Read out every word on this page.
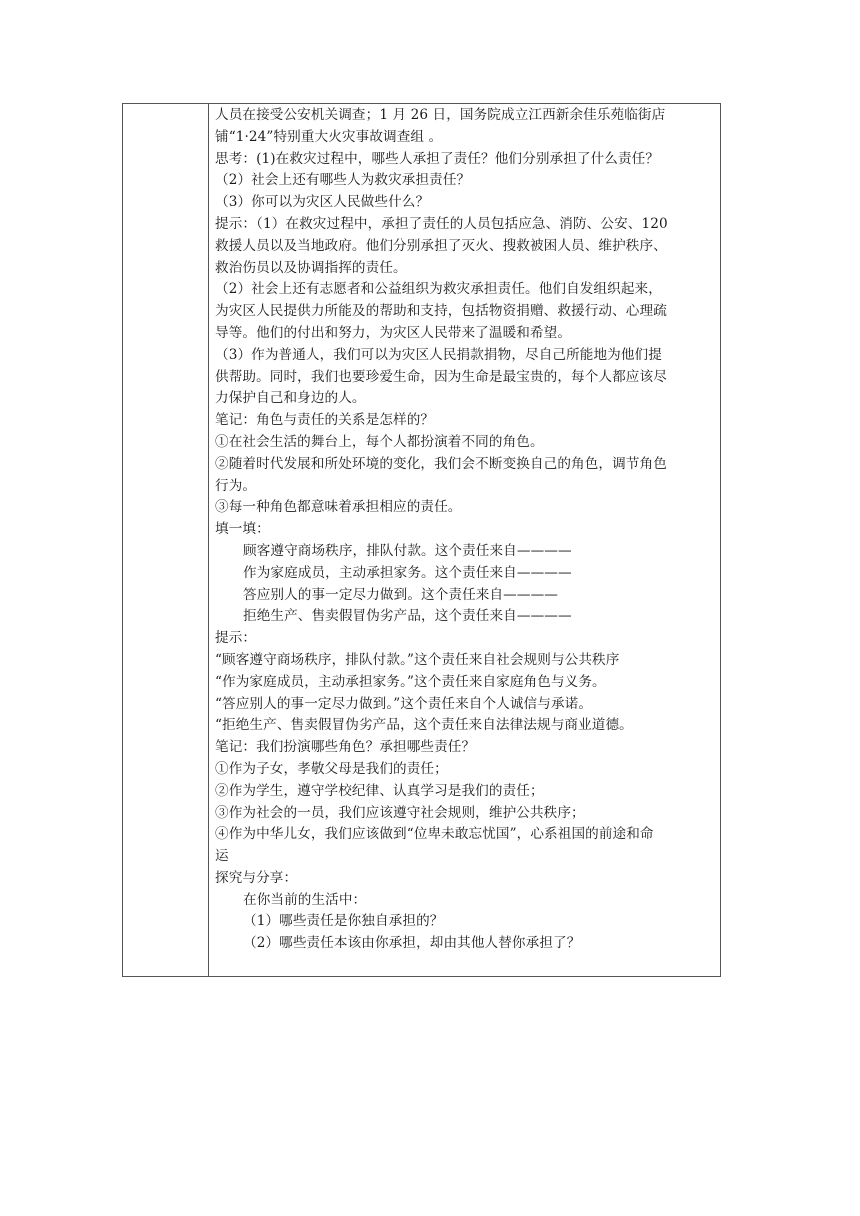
人员在接受公安机关调查；1 月 26 日，国务院成立江西新余佳乐苑临街店
铺“1·24”特别重大火灾事故调查组 。
思考：(1)在救灾过程中，哪些人承担了责任？他们分别承担了什么责任？
（2）社会上还有哪些人为救灾承担责任？
（3）你可以为灾区人民做些什么？
提示：（1）在救灾过程中，承担了责任的人员包括应急、消防、公安、120
救援人员以及当地政府。他们分别承担了灭火、搜救被困人员、维护秩序、
救治伤员以及协调指挥的责任。
（2）社会上还有志愿者和公益组织为救灾承担责任。他们自发组织起来，
为灾区人民提供力所能及的帮助和支持，包括物资捐赠、救援行动、心理疏
导等。他们的付出和努力，为灾区人民带来了温暖和希望。
（3）作为普通人，我们可以为灾区人民捐款捐物，尽自己所能地为他们提
供帮助。同时，我们也要珍爱生命，因为生命是最宝贵的，每个人都应该尽
力保护自己和身边的人。
笔记：角色与责任的关系是怎样的？
①在社会生活的舞台上，每个人都扮演着不同的角色。
②随着时代发展和所处环境的变化，我们会不断变换自己的角色，调节角色
行为。
③每一种角色都意味着承担相应的责任。
填一填：
顾客遵守商场秩序，排队付款。这个责任来自————
作为家庭成员，主动承担家务。这个责任来自————
答应别人的事一定尽力做到。这个责任来自————
拒绝生产、售卖假冒伪劣产品，这个责任来自————
提示：
“顾客遵守商场秩序，排队付款。”这个责任来自社会规则与公共秩序
“作为家庭成员，主动承担家务。”这个责任来自家庭角色与义务。
“答应别人的事一定尽力做到。”这个责任来自个人诚信与承诺。
“拒绝生产、售卖假冒伪劣产品，这个责任来自法律法规与商业道德。
笔记：我们扮演哪些角色？承担哪些责任？
①作为子女，孝敬父母是我们的责任；
②作为学生，遵守学校纪律、认真学习是我们的责任；
③作为社会的一员，我们应该遵守社会规则，维护公共秩序；
④作为中华儿女，我们应该做到“位卑未敢忘忧国”，心系祖国的前途和命
运
探究与分享：
在你当前的生活中：
（1）哪些责任是你独自承担的？
（2）哪些责任本该由你承担，却由其他人替你承担了？
